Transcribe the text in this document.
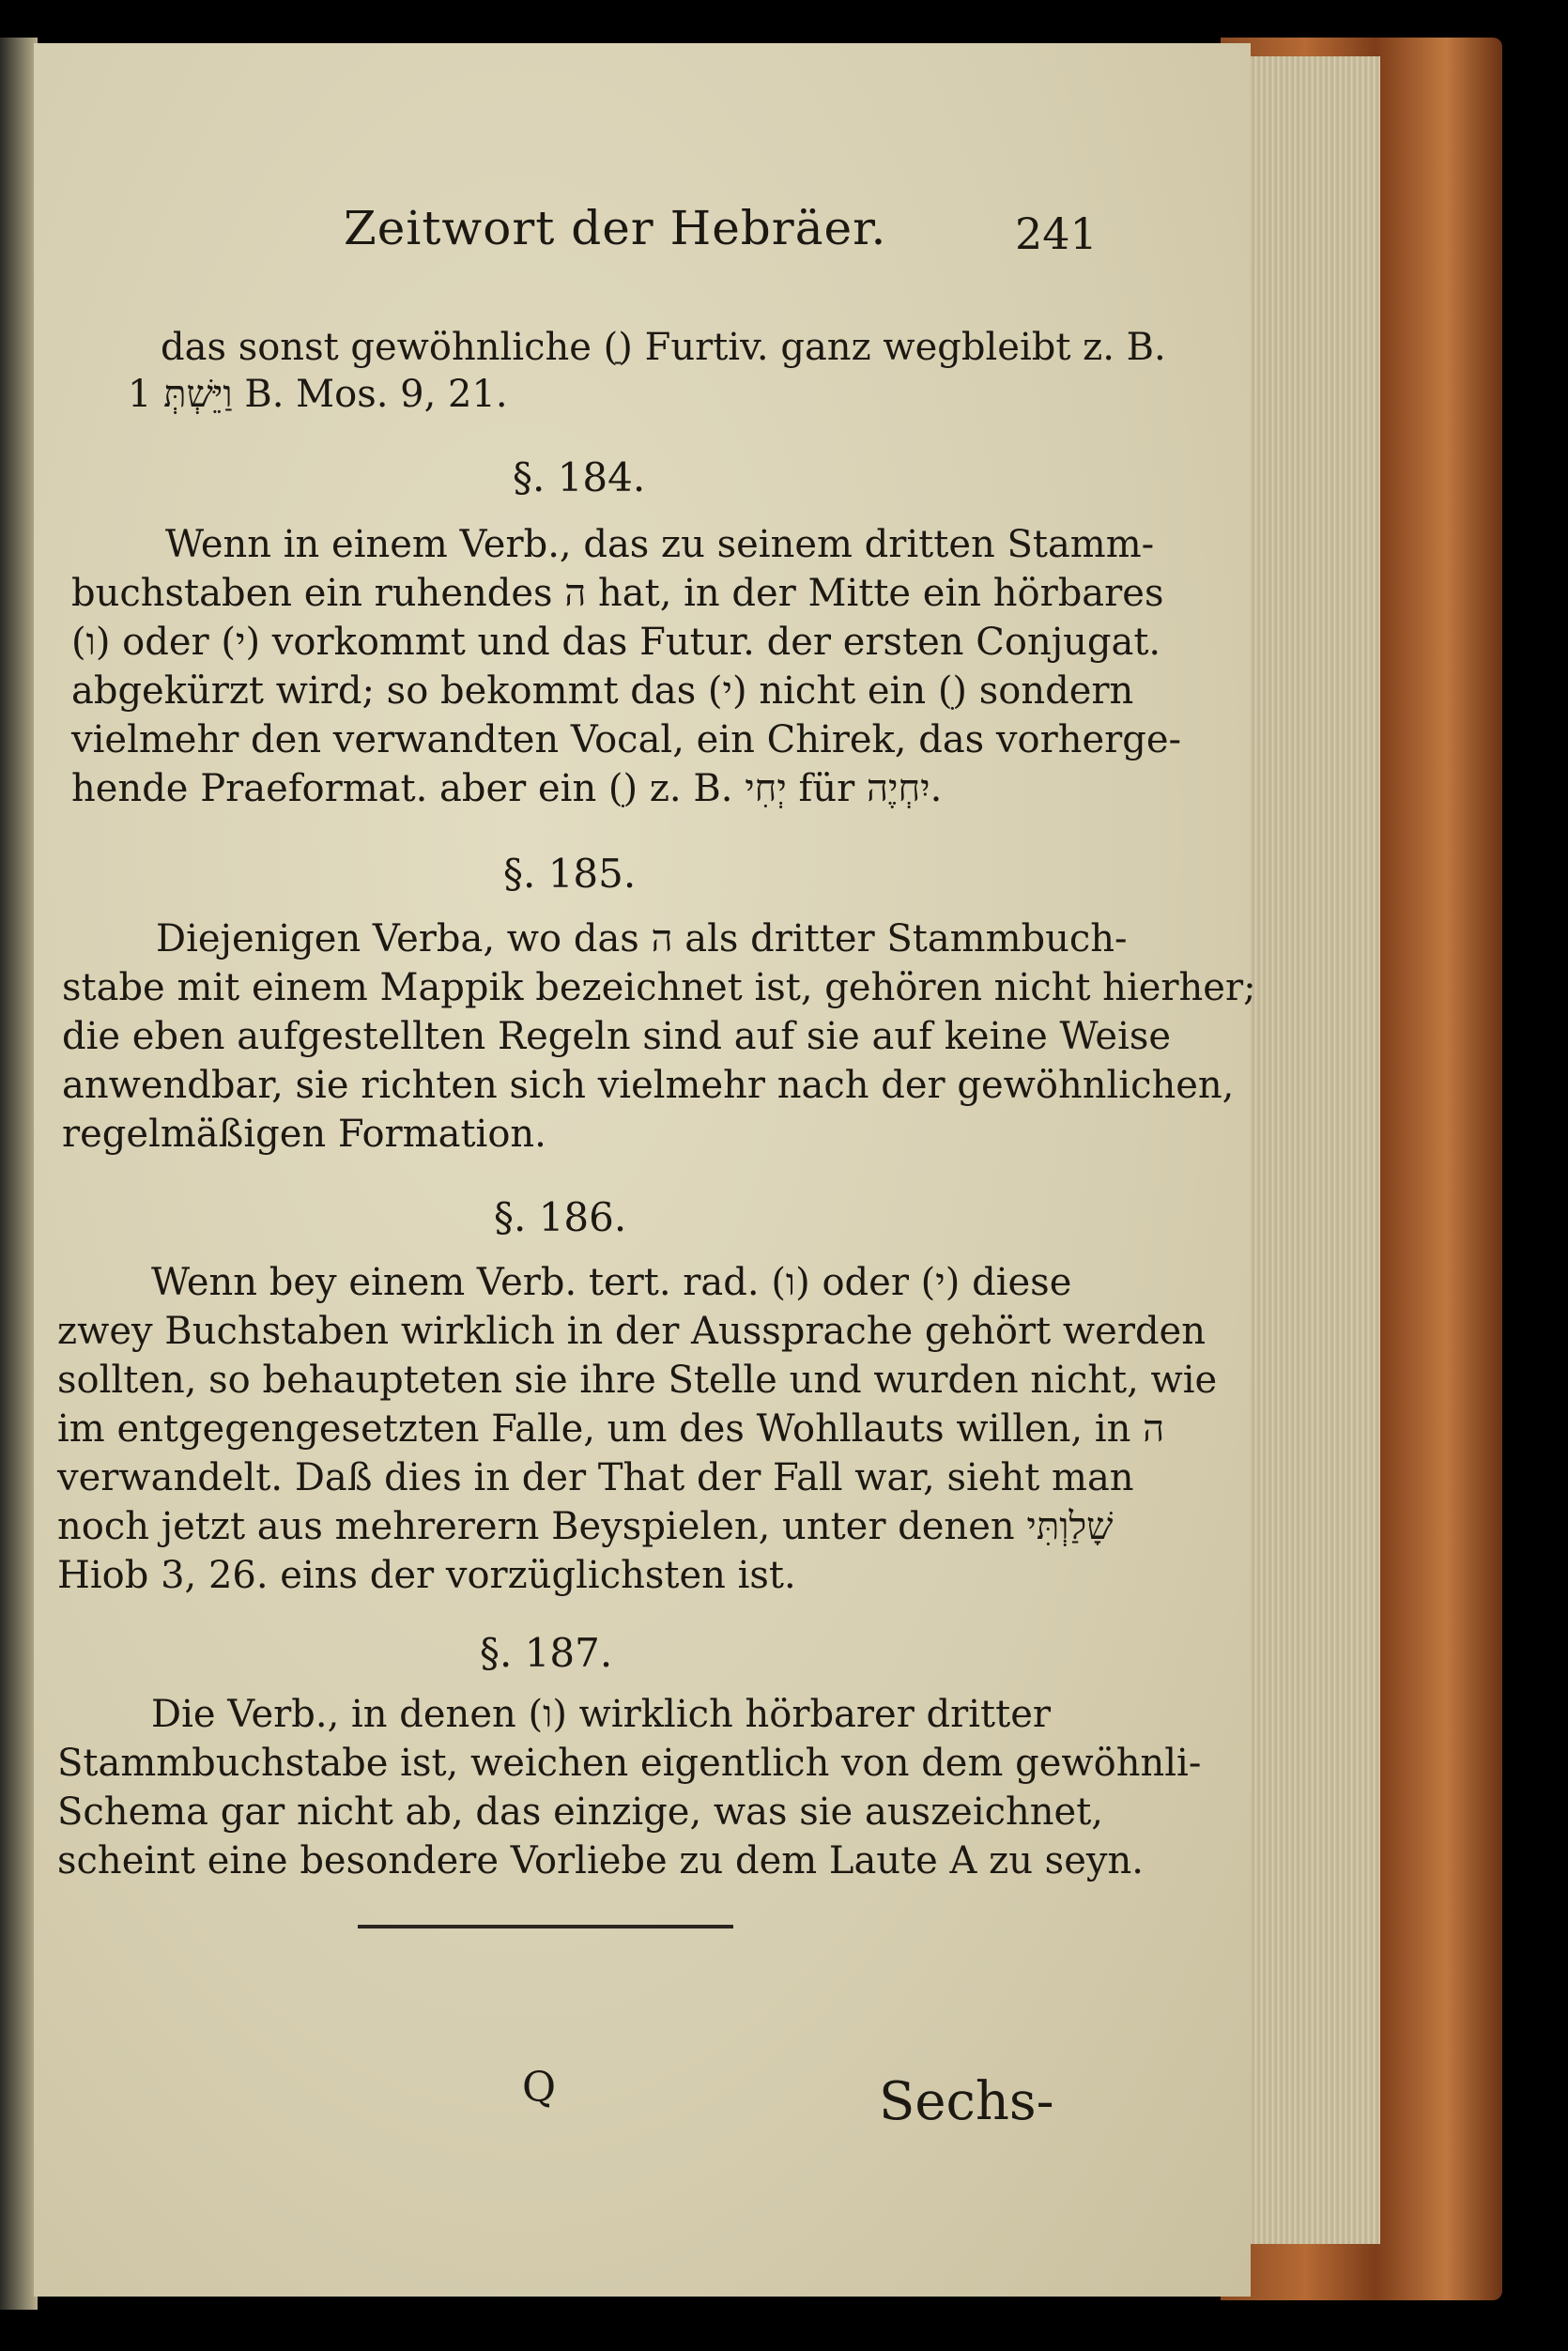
Zeitwort der Hebräer.	241
das sonst gewöhnliche (ַ) Furtiv. ganz wegbleibt z. B.
וַיֵּשְׁתְּ 1 B. Mos. 9, 21.
§. 184.
Wenn in einem Verb., das zu seinem dritten Stamm-
buchstaben ein ruhendes ה hat, in der Mitte ein hörbares
(ו) oder (י) vorkommt und das Futur. der ersten Conjugat.
abgekürzt wird; so bekommt das (י) nicht ein (ִ) sondern
vielmehr den verwandten Vocal, ein Chirek, das vorherge-
hende Praeformat. aber ein (ִ) z. B. יְחִי für יִחְיֶה.
§. 185.
Diejenigen Verba, wo das ה als dritter Stammbuch-
stabe mit einem Mappik bezeichnet ist, gehören nicht hierher;
die eben aufgestellten Regeln sind auf sie auf keine Weise
anwendbar, sie richten sich vielmehr nach der gewöhnlichen,
regelmäßigen Formation.
§. 186.
Wenn bey einem Verb. tert. rad. (ו) oder (י) diese
zwey Buchstaben wirklich in der Aussprache gehört werden
sollten, so behaupteten sie ihre Stelle und wurden nicht, wie
im entgegengesetzten Falle, um des Wohllauts willen, in ה
verwandelt. Daß dies in der That der Fall war, sieht man
noch jetzt aus mehrerern Beyspielen, unter denen שָׁלַוְתִּי
Hiob 3, 26. eins der vorzüglichsten ist.
§. 187.
Die Verb., in denen (ו) wirklich hörbarer dritter
Stammbuchstabe ist, weichen eigentlich von dem gewöhnli-
Schema gar nicht ab, das einzige, was sie auszeichnet,
scheint eine besondere Vorliebe zu dem Laute A zu seyn.
Q	Sechs-
